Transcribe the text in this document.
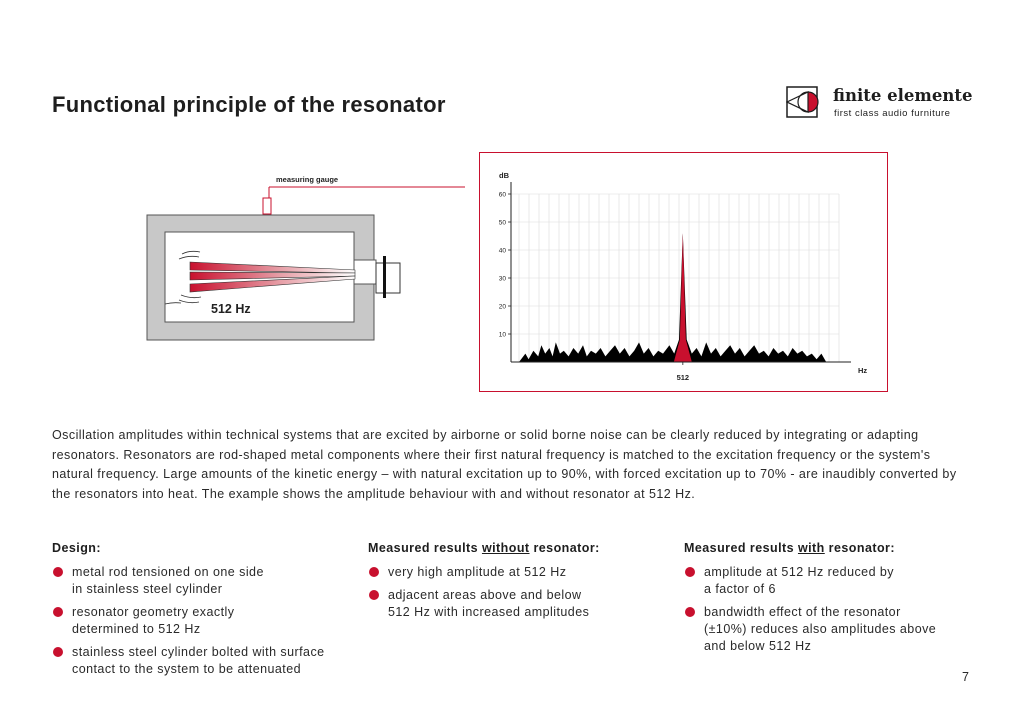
Functional principle of the resonator	finite elemente
first class audio furniture
measuring gauge
512 Hz
10
20
30
40
50
60
dB
Hz
512

Oscillation amplitudes within technical systems that are excited by airborne or solid borne noise can be clearly reduced by integrating or adapting resonators. Resonators are rod-shaped metal components where their first natural frequency is matched to the excitation frequency or the system's natural frequency. Large amounts of the kinetic energy – with natural excitation up to 90%, with forced excitation up to 70% - are inaudibly converted by the resonators into heat. The example shows the amplitude behaviour with and without resonator at 512 Hz.

Design:
metal rod tensioned on one side
in stainless steel cylinder
resonator geometry exactly
determined to 512 Hz
stainless steel cylinder bolted with surface
contact to the system to be attenuated
Measured results without resonator:
very high amplitude at 512 Hz
adjacent areas above and below
512 Hz with increased amplitudes
Measured results with resonator:
amplitude at 512 Hz reduced by
a factor of 6
bandwidth effect of the resonator
(±10%) reduces also amplitudes above
and below 512 Hz
7
